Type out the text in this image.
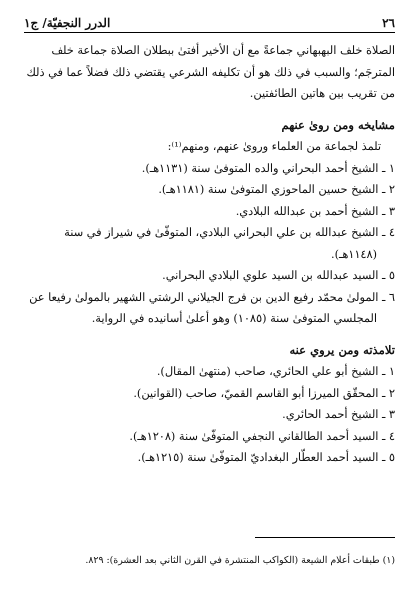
٢٦
الدرر النجفيّة/ ج١

الصلاة خلف البهبهاني جماعةً مع أن الأخير أفتىٰ ببطلان الصلاة جماعة خلف
المترجَم؛ والسبب في ذلك هو أن تكليفه الشرعي يقتضي ذلك فضلاً عما في ذلك
من تقريب بين هاتين الطائفتين.

مشايخه ومن روىٰ عنهم

تلمذ لجماعة من العلماء وروىٰ عنهم، ومنهم⁽¹⁾:

١ ـ الشيخ أحمد البحراني والده المتوفىٰ سنة (١١٣١هـ).

٢ ـ الشيخ حسين الماحوزي المتوفىٰ سنة (١١٨١هـ).

٣ ـ الشيخ أحمد بن عبدالله البلادي.

٤ ـ الشيخ عبدالله بن علي البحراني البلادي، المتوفّىٰ في شيراز في سنة

(١١٤٨هـ).

٥ ـ السيد عبدالله بن السيد علوي البلادي البحراني.

٦ ـ المولىٰ محمّد رفيع الدين بن فرج الجيلاني الرشتي الشهير بالمولىٰ رفيعا عن

المجلسي المتوفىٰ سنة (١٠٨٥) وهو أعلىٰ أسانيده في الرواية.

تلامذته ومن يروي عنه

١ ـ الشيخ أبو علي الحائري، صاحب (منتهىٰ المقال).

٢ ـ المحقّق الميرزا أبو القاسم القميّ، صاحب (القوانين).

٣ ـ الشيخ أحمد الحائري.

٤ ـ السيد أحمد الطالقاني النجفي المتوفّىٰ سنة (١٢٠٨هـ).

٥ ـ السيد أحمد العطّار البغداديّ المتوفّىٰ سنة (١٢١٥هـ).

(١) طبقات أعلام الشيعة (الكواكب المنتشرة في القرن الثاني بعد العشرة): ٨٢٩.
